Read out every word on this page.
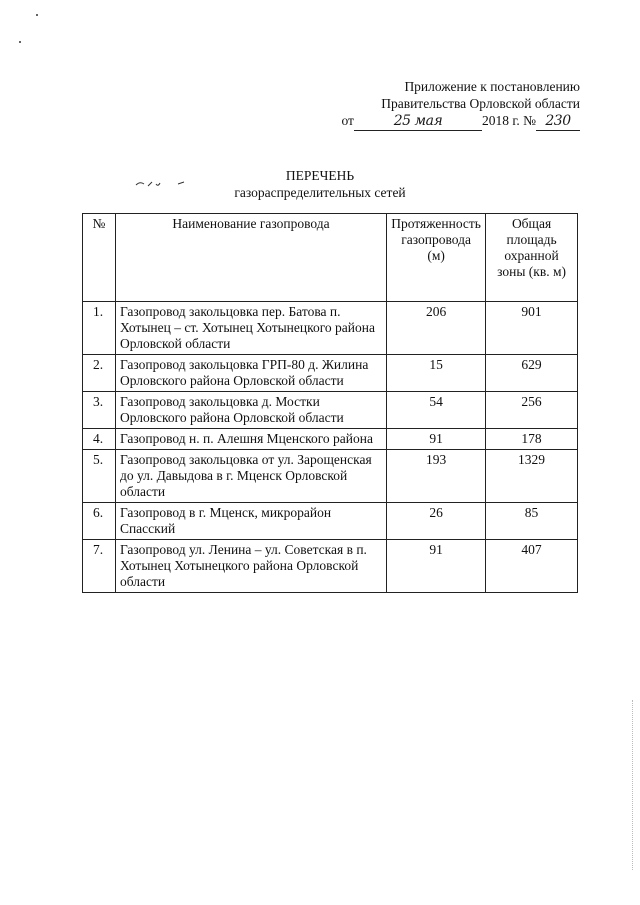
Приложение к постановлению
Правительства Орловской области
от	25 мая	2018 г. № 230
ПЕРЕЧЕНЬ
газораспределительных сетей
№	Наименование газопровода	Протяженность газопровода (м)	Общая площадь охранной зоны (кв. м)
1.	Газопровод закольцовка пер. Батова п. Хотынец – ст. Хотынец Хотынецкого района Орловской области	206	901
2.	Газопровод закольцовка ГРП-80 д. Жилина Орловского района Орловской области	15	629
3.	Газопровод закольцовка д. Мостки Орловского района Орловской области	54	256
4.	Газопровод н. п. Алешня Мценского района	91	178
5.	Газопровод закольцовка от ул. Зарощенская до ул. Давыдова в г. Мценск Орловской области	193	1329
6.	Газопровод в г. Мценск, микрорайон Спасский	26	85
7.	Газопровод ул. Ленина – ул. Советская в п. Хотынец Хотынецкого района Орловской области	91	407
